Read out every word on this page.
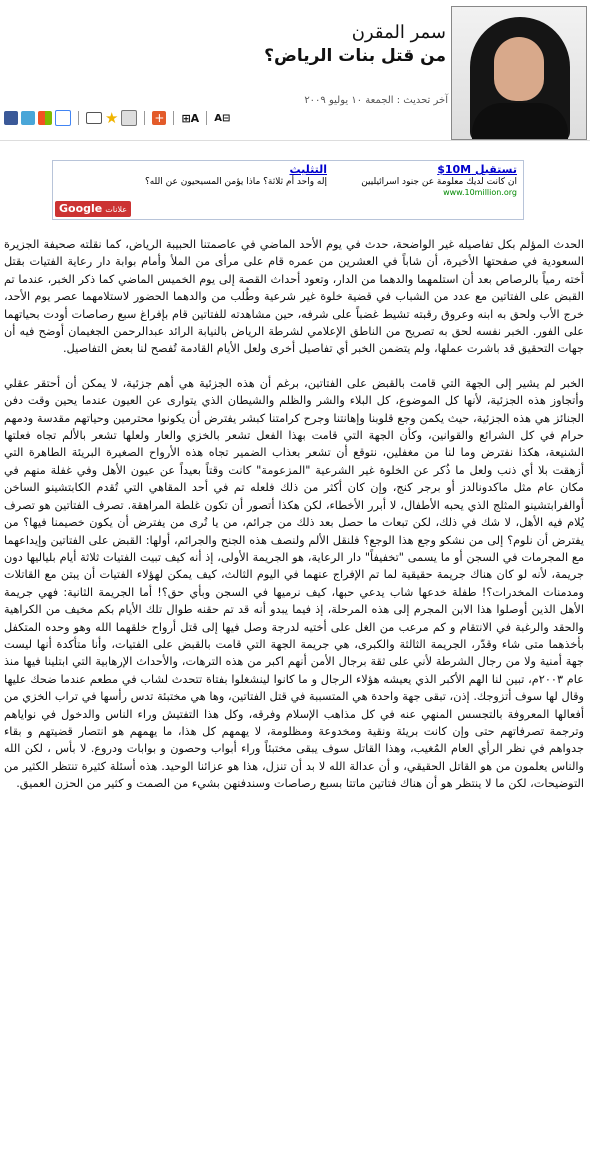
سمر المقرن
من قتل بنات الرياض؟
آخر تحديث : الجمعة ١٠ يوليو ٢٠٠٩
★	+ ⊞A A⊟
تستقبل 10M$
ان كانت لديك معلومة عن جنود اسرائيليين
www.10million.org
التثليث
إله واحد أم ثلاثة؟ ماذا يؤمن المسيحيون عن الله؟
Google علانات

الحدث المؤلم بكل تفاصيله غير الواضحة، حدث في يوم الأحد الماضي في عاصمتنا الحبيبة الرياض، كما نقلته صحيفة الجزيرة السعودية في صفحتها الأخيرة، أن شاباً في العشرين من عمره قام على مرأى من الملأ وأمام بوابة دار رعاية الفتيات بقتل أخته رمياً بالرصاص بعد أن استلمهما والدهما من الدار، وتعود أحداث القصة إلى يوم الخميس الماضي كما ذكر الخبر، عندما تم القبض على الفتاتين مع عدد من الشباب في قضية خلوة غير شرعية وطُلب من والدهما الحضور لاستلامهما عصر يوم الأحد، خرج الأب ولحق به ابنه وعروق رقبته تشيط غضباً على شرفه، حين مشاهدته للفتاتين قام بإفراغ سبع رصاصات أودت بحياتهما على الفور. الخبر نفسه لحق به تصريح من الناطق الإعلامي لشرطة الرياض بالنيابة الرائد عبدالرحمن الجغيمان أوضح فيه أن جهات التحقيق قد باشرت عملها، ولم يتضمن الخبر أي تفاصيل أخرى ولعل الأيام القادمة تُفصح لنا بعض التفاصيل.

الخبر لم يشير إلى الجهة التي قامت بالقبض على الفتاتين، برغم أن هذه الجزئية هي أهم جزئية، لا يمكن أن أحتقر عقلي وأتجاوز هذه الجزئية، لأنها كل الموضوع، كل البلاء والشر والظلم والشيطان الذي يتوارى عن العيون عندما يحين وقت دفن الجنائز هي هذه الجزئية، حيث يكمن وجع قلوبنا وإهانتنا وجرح كرامتنا كبشر يفترض أن يكونوا محترمين وحياتهم مقدسة ودمهم حرام في كل الشرائع والقوانين، وكأن الجهة التي قامت بهذا الفعل تشعر بالخزي والعار ولعلها تشعر بالألم تجاه فعلتها الشنيعة، هكذا نفترض وما لنا من مغفلين، نتوقع أن تشعر بعذاب الضمير تجاه هذه الأرواح الصغيرة البريئة الطاهرة التي أزهقت بلا أي ذنب ولعل ما ذُكر عن الخلوة غير الشرعية "المزعومة" كانت وقتاً بعيداً عن عيون الأهل وفي غفلة منهم في مكان عام مثل ماكدونالدز أو برجر كنج، وإن كان أكثر من ذلك فلعله تم في أحد المقاهي التي تُقدم الكابتشينو الساخن أوالفرابتشينو المثلج الذي يحبه الأطفال، لا أبرر الأخطاء، لكن هكذا أتصور أن تكون غلطة المراهقة. تصرف الفتاتين هو تصرف يُلام فيه الأهل، لا شك في ذلك، لكن تبعات ما حصل بعد ذلك من جرائم، من يا تُرى من يفترض أن يكون خصيمنا فيها؟ من يفترض أن نلوم؟ إلى من نشكو وجع هذا الوجع؟ فلنقل الألم ولنصف هذه الجنح والجرائم، أولها: القبض على الفتاتين وإيداعهما مع المجرمات في السجن أو ما يسمى "تخفيفاً" دار الرعاية، هو الجريمة الأولى، إذ أنه كيف تبيت الفتيات ثلاثة أيام بلياليها دون جريمة، لأنه لو كان هناك جريمة حقيقية لما تم الإفراج عنهما في اليوم الثالث، كيف يمكن لهؤلاء الفتيات أن يبتن مع القاتلات ومدمنات المخدرات؟! طفلة خدعها شاب يدعي حبها، كيف نرميها في السجن وبأي حق؟! أما الجريمة الثانية: فهي جريمة الأهل الذين أوصلوا هذا الابن المجرم إلى هذه المرحلة، إذ فيما يبدو أنه قد تم حقنه طوال تلك الأيام بكم مخيف من الكراهية والحقد والرغبة في الانتقام و كم مرعب من الغل على أختيه لدرجة وصل فيها إلى قتل أرواح خلقهما الله وهو وحده المتكفل بأخذهما متى شاء وقدّر، الجريمة الثالثة والكبرى، هي جريمة الجهة التي قامت بالقبض على الفتيات، وأنا متأكدة أنها ليست جهة أمنية ولا من رجال الشرطة لأني على ثقة برجال الأمن أنهم اكبر من هذه الترهات، والأحداث الإرهابية التي ابتلينا فيها منذ عام ٢٠٠٣م، تبين لنا الهم الأكبر الذي يعيشه هؤلاء الرجال و ما كانوا لينشغلوا بفتاة تتحدث لشاب في مطعم عندما ضحك عليها وقال لها سوف أتزوجك. إذن، تبقى جهة واحدة هي المتسببة في قتل الفتاتين، وها هي مختبئة تدس رأسها في تراب الخزي من أفعالها المعروفة بالتجسس المنهي عنه في كل مذاهب الإسلام وفرقه، وكل هذا التفتيش وراء الناس والدخول في نواياهم وترجمة تصرفاتهم حتى وإن كانت بريئة ونقية ومخدوعة ومظلومة، لا يهمهم كل هذا، ما يهمهم هو انتصار قضيتهم و بقاء جدواهم في نظر الرأي العام المُغيب، وهذا القاتل سوف يبقى مختبئاً وراء أبواب وحصون و بوابات ودروع. لا بأس ، لكن الله والناس يعلمون من هو القاتل الحقيقي، و أن عدالة الله لا بد أن تنزل، هذا هو عزائنا الوحيد. هذه أسئلة كثيرة تنتظر الكثير من التوضيحات، لكن ما لا ينتظر هو أن هناك فتاتين ماتتا بسبع رصاصات وسندفنهن بشيء من الصمت و كثير من الحزن العميق.
